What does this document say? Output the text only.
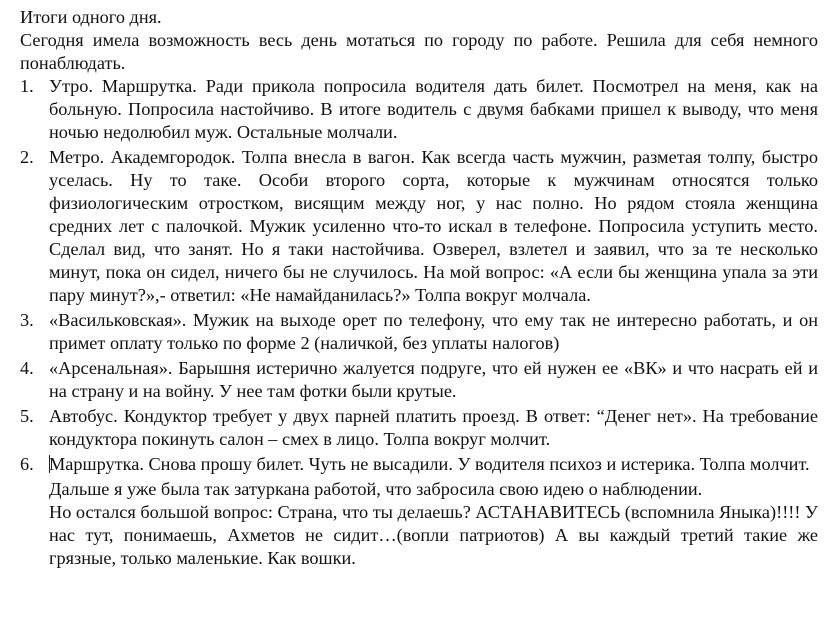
Итоги одного дня.

Сегодня имела возможность весь день мотаться по городу по работе. Решила для себя немного понаблюдать.

1. Утро. Маршрутка. Ради прикола попросила водителя дать билет. Посмотрел на меня, как на больную. Попросила настойчиво. В итоге водитель с двумя бабками пришел к выводу, что меня ночью недолюбил муж. Остальные молчали.
2. Метро. Академгородок. Толпа внесла в вагон. Как всегда часть мужчин, разметая толпу, быстро уселась. Ну то таке. Особи второго сорта, которые к мужчинам относятся только физиологическим отростком, висящим между ног, у нас полно. Но рядом стояла женщина средних лет с палочкой. Мужик усиленно что-то искал в телефоне. Попросила уступить место. Сделал вид, что занят. Но я таки настойчива. Озверел, взлетел и заявил, что за те несколько минут, пока он сидел, ничего бы не случилось. На мой вопрос: «А если бы женщина упала за эти пару минут?»,- ответил: «Не намайданилась?» Толпа вокруг молчала.
3. «Васильковская». Мужик на выходе орет по телефону, что ему так не интересно работать, и он примет оплату только по форме 2 (наличкой, без уплаты налогов)
4. «Арсенальная». Барышня истерично жалуется подруге, что ей нужен ее «ВК» и что насрать ей и на страну и на войну. У нее там фотки были крутые.
5. Автобус. Кондуктор требует у двух парней платить проезд. В ответ: “Денег нет». На требование кондуктора покинуть салон – смех в лицо. Толпа вокруг молчит.
6. Маршрутка. Снова прошу билет. Чуть не высадили. У водителя психоз и истерика. Толпа молчит.

Дальше я уже была так затуркана работой, что забросила свою идею о наблюдении.

Но остался большой вопрос: Страна, что ты делаешь? АСТАНАВИТЕСЬ (вспомнила Яныка)!!!! У нас тут, понимаешь, Ахметов не сидит…(вопли патриотов) А вы каждый третий такие же грязные, только маленькие. Как вошки.
